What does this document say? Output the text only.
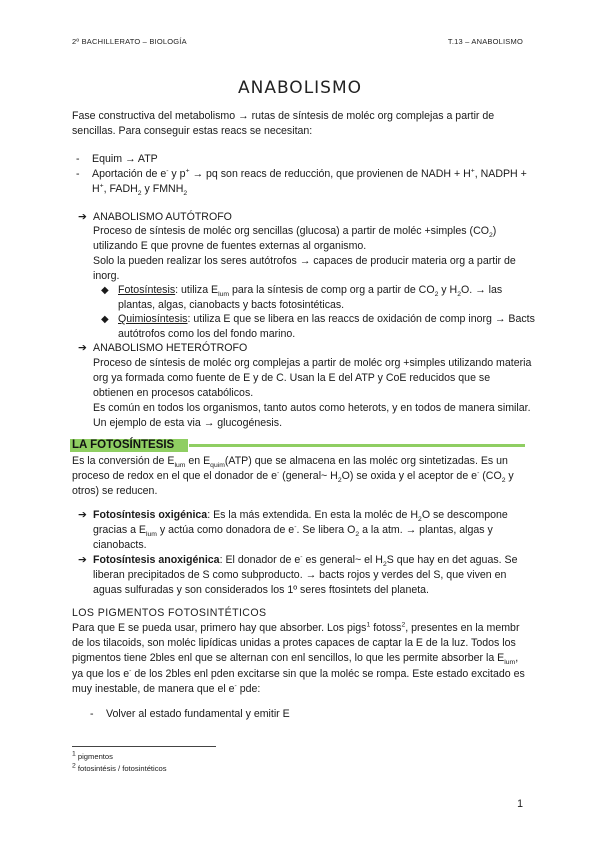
2º BACHILLERATO – BIOLOGÍA	T.13 – ANABOLISMO
ANABOLISMO
Fase constructiva del metabolismo → rutas de síntesis de moléc org complejas a partir de sencillas. Para conseguir estas reacs se necesitan:
- Equim → ATP
- Aportación de e- y p+ → pq son reacs de reducción, que provienen de NADH + H+, NADPH + H+, $FADH_2$ y $FMNH_2$
➔ ANABOLISMO AUTÓTROFO
Proceso de síntesis de moléc org sencillas (glucosa) a partir de moléc +simples $(CO_2)$ utilizando E que provne de fuentes externas al organismo.
Solo la pueden realizar los seres autótrofos → capaces de producir materia org a partir de inorg.
◆ Fotosíntesis: utiliza $E_{lum}$ para la síntesis de comp org a partir de $CO_2$ y $H_2O$. → las plantas, algas, cianobacts y bacts fotosintéticas.
◆ Quimiosíntesis: utiliza E que se libera en las reaccs de oxidación de comp inorg → Bacts autótrofos como los del fondo marino.
➔ ANABOLISMO HETERÓTROFO
Proceso de síntesis de moléc org complejas a partir de moléc org +simples utilizando materia org ya formada como fuente de E y de C. Usan la E del ATP y CoE reducidos que se obtienen en procesos catabólicos.
Es común en todos los organismos, tanto autos como heterots, y en todos de manera similar. Un ejemplo de esta via → glucogénesis.
LA FOTOSÍNTESIS
Es la conversión de $E_{lum}$ en $E_{quim}(ATP)$ que se almacena en las moléc org sintetizadas. Es un proceso de redox en el que el donador de e- (general~ $H_2O$) se oxida y el aceptor de e- ($CO_2$ y otros) se reducen.
➔ Fotosíntesis oxigénica: Es la más extendida. En esta la moléc de $H_2O$ se descompone gracias a $E_{lum}$ y actúa como donadora de e-. Se libera $O_2$ a la atm. → plantas, algas y cianobacts.
➔ Fotosíntesis anoxigénica: El donador de e- es general~ el $H_2S$ que hay en det aguas. Se liberan precipitados de S como subproducto. → bacts rojos y verdes del S, que viven en aguas sulfuradas y son considerados los 1º seres ftosintets del planeta.
LOS PIGMENTOS FOTOSINTÉTICOS
Para que E se pueda usar, primero hay que absorber. Los pigs$^1$ fotoss$^2$, presentes en la membr de los tilacoids, son moléc lipídicas unidas a protes capaces de captar la E de la luz. Todos los pigmentos tiene 2bles enl que se alternan con enl sencillos, lo que les permite absorber la $E_{lum}$, ya que los e- de los 2bles enl pden excitarse sin que la moléc se rompa. Este estado excitado es muy inestable, de manera que el e- pde:
- Volver al estado fundamental y emitir E
$^1$ pigmentos
$^2$ fotosintésis / fotosintéticos
1
